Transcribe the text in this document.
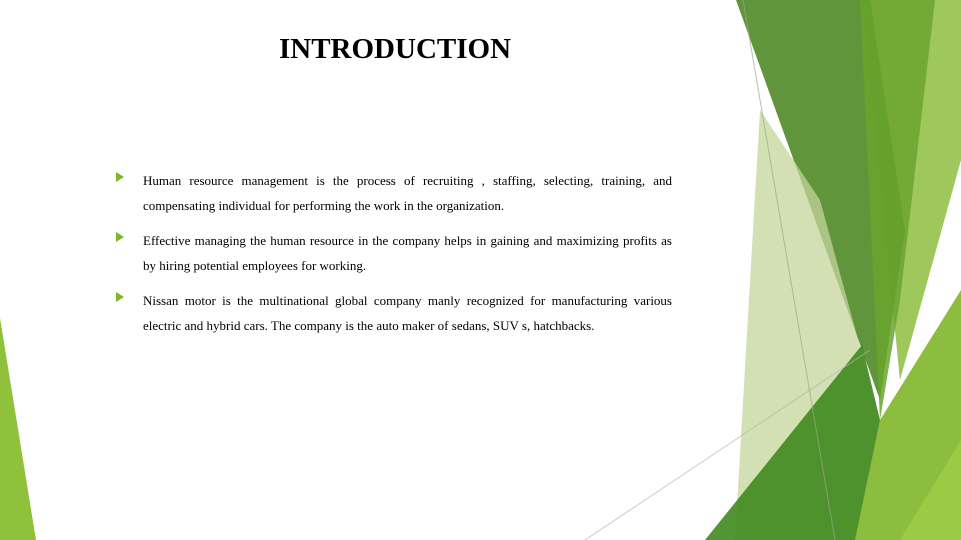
INTRODUCTION
Human resource management is the process of recruiting , staffing, selecting, training, and compensating individual for performing the work in the organization.
Effective managing the human resource in the company helps in gaining and maximizing profits as by hiring potential employees for working.
Nissan motor is the multinational global company manly recognized for manufacturing various electric and hybrid cars. The company is the auto maker of sedans, SUV s, hatchbacks.
